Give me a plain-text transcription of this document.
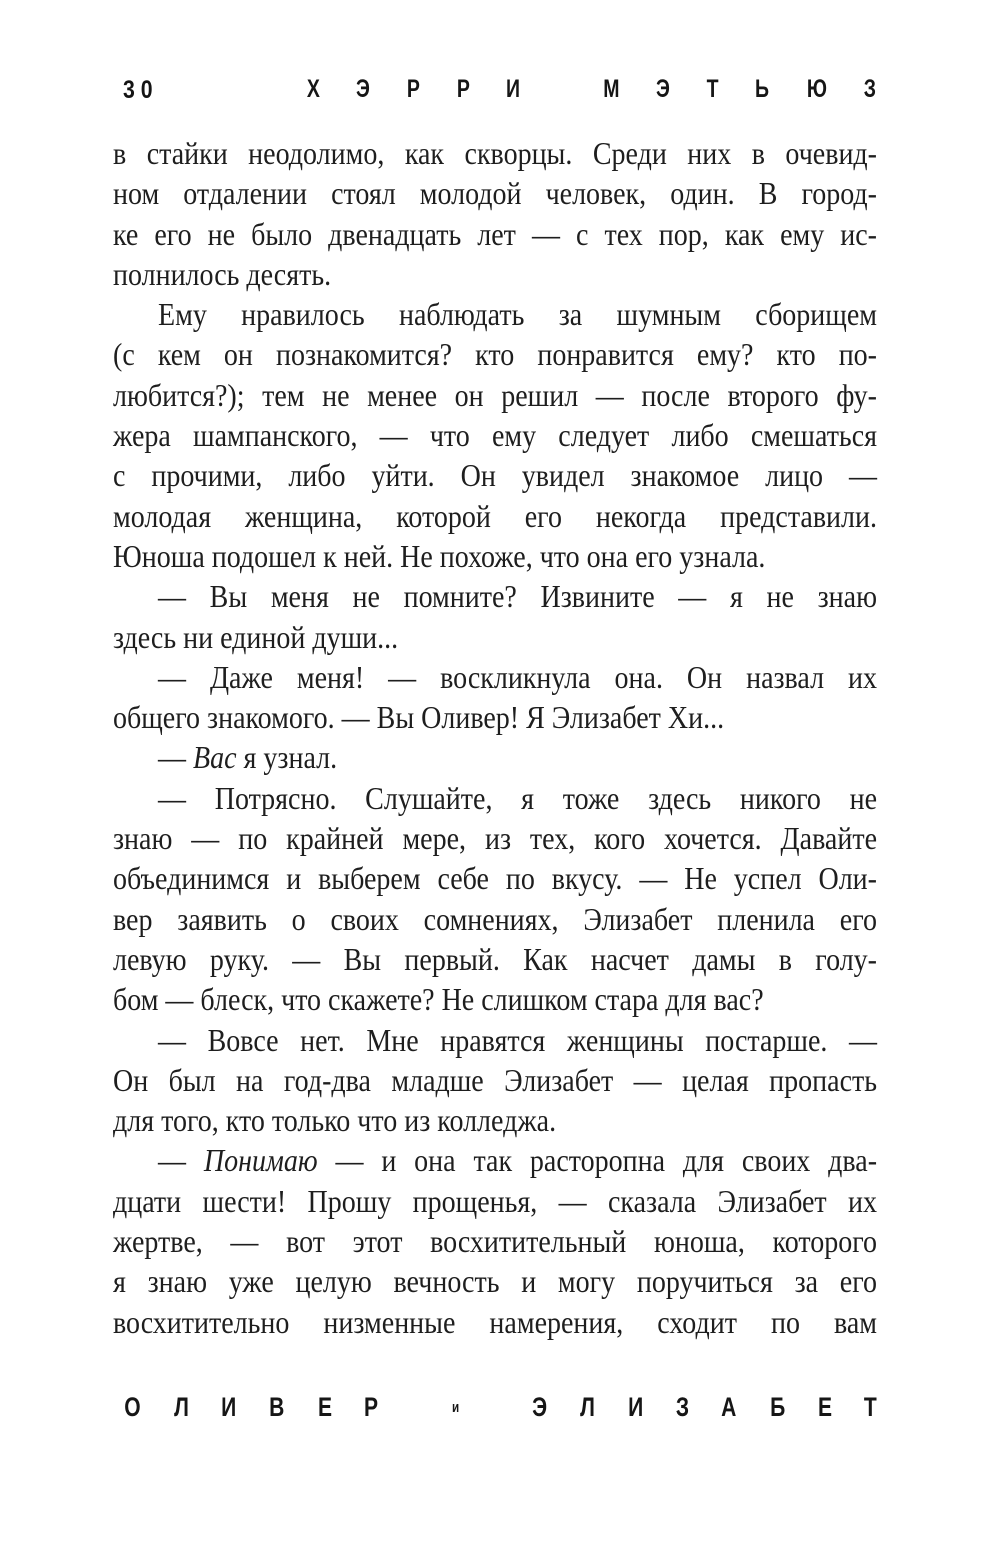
30	Х Э Р Р И	М Э Т Ь Ю З
в стайки неодолимо, как скворцы. Среди них в очевид-
ном отдалении стоял молодой человек, один. В город-
ке его не было двенадцать лет — с тех пор, как ему ис-
полнилось десять.
Ему нравилось наблюдать за шумным сборищем
(с кем он познакомится? кто понравится ему? кто по-
любится?); тем не менее он решил — после второго фу-
жера шампанского, — что ему следует либо смешаться
с прочими, либо уйти. Он увидел знакомое лицо —
молодая женщина, которой его некогда представили.
Юноша подошел к ней. Не похоже, что она его узнала.
— Вы меня не помните? Извините — я не знаю
здесь ни единой души...
— Даже меня! — воскликнула она. Он назвал их
общего знакомого. — Вы Оливер! Я Элизабет Хи...
— Вас я узнал.
— Потрясно. Слушайте, я тоже здесь никого не
знаю — по крайней мере, из тех, кого хочется. Давайте
объединимся и выберем себе по вкусу. — Не успел Оли-
вер заявить о своих сомнениях, Элизабет пленила его
левую руку. — Вы первый. Как насчет дамы в голу-
бом — блеск, что скажете? Не слишком стара для вас?
— Вовсе нет. Мне нравятся женщины постарше. —
Он был на год-два младше Элизабет — целая пропасть
для того, кто только что из колледжа.
— Понимаю — и она так расторопна для своих два-
дцати шести! Прошу прощенья, — сказала Элизабет их
жертве, — вот этот восхитительный юноша, которого
я знаю уже целую вечность и могу поручиться за его
восхитительно низменные намерения, сходит по вам
О Л И В Е Р	и	Э Л И З А Б Е Т
